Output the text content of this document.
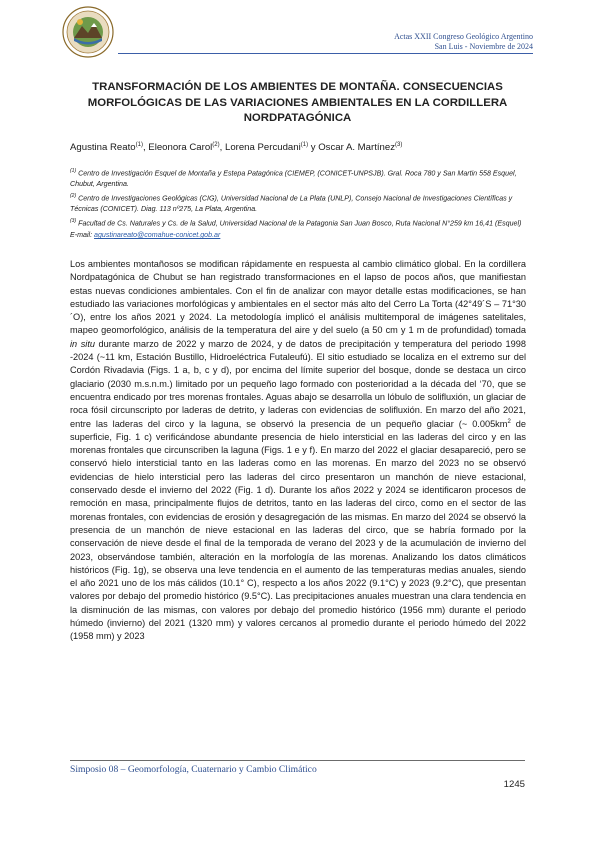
Actas XXII Congreso Geológico Argentino
San Luis - Noviembre de 2024
TRANSFORMACIÓN DE LOS AMBIENTES DE MONTAÑA. CONSECUENCIAS MORFOLÓGICAS DE LAS VARIACIONES AMBIENTALES EN LA CORDILLERA NORDPATAGÓNICA
Agustina Reato$^{(1)}$, Eleonora Carol$^{(2)}$, Lorena Percudani$^{(1)}$ y Oscar A. Martínez$^{(3)}$
$^{(1)}$ Centro de Investigación Esquel de Montaña y Estepa Patagónica (CIEMEP, (CONICET-UNPSJB). Gral. Roca 780 y San Martin 558 Esquel, Chubut, Argentina.
$^{(2)}$ Centro de Investigaciones Geológicas (CIG), Universidad Nacional de La Plata (UNLP), Consejo Nacional de Investigaciones Científicas y Técnicas (CONICET). Diag. 113 nº275, La Plata, Argentina.
$^{(3)}$ Facultad de Cs. Naturales y Cs. de la Salud, Universidad Nacional de la Patagonia San Juan Bosco, Ruta Nacional N°259 km 16,41 (Esquel)
E-mail: agustinareato@comahue-conicet.gob.ar

Los ambientes montañosos se modifican rápidamente en respuesta al cambio climático global. En la cordillera Nordpatagónica de Chubut se han registrado transformaciones en el lapso de pocos años, que manifiestan estas nuevas condiciones ambientales. Con el fin de analizar con mayor detalle estas modificaciones, se han estudiado las variaciones morfológicas y ambientales en el sector más alto del Cerro La Torta (42°49´S – 71°30´O), entre los años 2021 y 2024. La metodología implicó el análisis multitemporal de imágenes satelitales, mapeo geomorfológico, análisis de la temperatura del aire y del suelo (a 50 cm y 1 m de profundidad) tomada in situ durante marzo de 2022 y marzo de 2024, y de datos de precipitación y temperatura del periodo 1998 -2024 (~11 km, Estación Bustillo, Hidroeléctrica Futaleufú). El sitio estudiado se localiza en el extremo sur del Cordón Rivadavia (Figs. 1 a, b, c y d), por encima del límite superior del bosque, donde se destaca un circo glaciario (2030 m.s.n.m.) limitado por un pequeño lago formado con posterioridad a la década del ‘70, que se encuentra endicado por tres morenas frontales. Aguas abajo se desarrolla un lóbulo de solifluxión, un glaciar de roca fósil circunscripto por laderas de detrito, y laderas con evidencias de solifluxión. En marzo del año 2021, entre las laderas del circo y la laguna, se observó la presencia de un pequeño glaciar (~ $0.005km^2$ de superficie, Fig. 1 c) verificándose abundante presencia de hielo intersticial en las laderas del circo y en las morenas frontales que circunscriben la laguna (Figs. 1 e y f). En marzo del 2022 el glaciar desapareció, pero se conservó hielo intersticial tanto en las laderas como en las morenas. En marzo del 2023 no se observó evidencias de hielo intersticial pero las laderas del circo presentaron un manchón de nieve estacional, conservado desde el invierno del 2022 (Fig. 1 d). Durante los años 2022 y 2024 se identificaron procesos de remoción en masa, principalmente flujos de detritos, tanto en las laderas del circo, como en el sector de las morenas frontales, con evidencias de erosión y desagregación de las mismas. En marzo del 2024 se observó la presencia de un manchón de nieve estacional en las laderas del circo, que se habría formado por la conservación de nieve desde el final de la temporada de verano del 2023 y de la acumulación de invierno del 2023, observándose también, alteración en la morfología de las morenas. Analizando los datos climáticos históricos (Fig. 1g), se observa una leve tendencia en el aumento de las temperaturas medias anuales, siendo el año 2021 uno de los más cálidos (10.1° C), respecto a los años 2022 (9.1°C) y 2023 (9.2°C), que presentan valores por debajo del promedio histórico (9.5°C). Las precipitaciones anuales muestran una clara tendencia en la disminución de las mismas, con valores por debajo del promedio histórico (1956 mm) durante el periodo húmedo (invierno) del 2021 (1320 mm) y valores cercanos al promedio durante el periodo húmedo del 2022 (1958 mm) y 2023

Simposio 08 – Geomorfología, Cuaternario y Cambio Climático
1245
